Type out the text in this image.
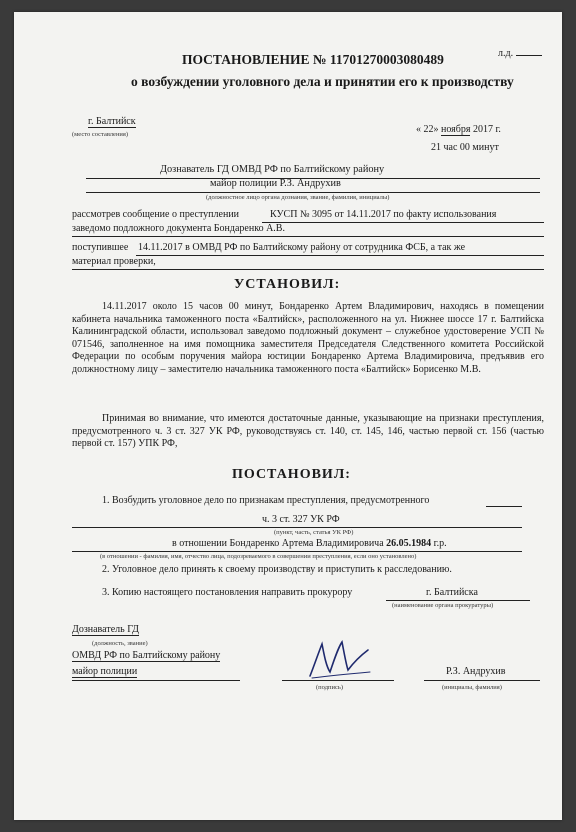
л.д.
ПОСТАНОВЛЕНИЕ № 11701270003080489
о возбуждении уголовного дела и принятии его к производству
г. Балтийск
(место составления)	« 22» ноября 2017 г.
21 час 00 минут
Дознаватель ГД ОМВД РФ по Балтийскому району
майор полиции Р.З. Андрухив
(должностное лицо органа дознания, звание, фамилия, инициалы)
рассмотрев сообщение о преступлении	КУСП № 3095 от 14.11.2017 по факту использования
заведомо подложного документа Бондаренко А.В.
поступившее 14.11.2017 в ОМВД РФ по Балтийскому району от сотрудника ФСБ, а так же
материал проверки,
УСТАНОВИЛ:

14.11.2017 около 15 часов 00 минут, Бондаренко Артем Владимирович, находясь в помещении кабинета начальника таможенного поста «Балтийск», расположенного на ул. Нижнее шоссе 17 г. Балтийска Калининградской области, использовал заведомо подложный документ – служебное удостоверение УСП № 071546, заполненное на имя помощника заместителя Председателя Следственного комитета Российской Федерации по особым поручения майора юстиции Бондаренко Артема Владимировича, предъявив его должностному лицу – заместителю начальника таможенного поста «Балтийск» Борисенко М.В.

Принимая во внимание, что имеются достаточные данные, указывающие на признаки преступления, предусмотренного ч. 3 ст. 327 УК РФ, руководствуясь ст. 140, ст. 145, 146, частью первой ст. 156 (частью первой ст. 157) УПК РФ,

ПОСТАНОВИЛ:
1. Возбудить уголовное дело по признакам преступления, предусмотренного
ч. 3 ст. 327 УК РФ
(пункт, часть, статья УК РФ)
в отношении Бондаренко Артема Владимировича 26.05.1984 г.р.
(в отношении - фамилия, имя, отчество лица, подозреваемого в совершении преступления, если оно установлено)
2. Уголовное дело принять к своему производству и приступить к расследованию.
3. Копию настоящего постановления направить прокурору	г. Балтийска
(наименование органа прокуратуры)
Дознаватель ГД
(должность, звание)
ОМВД РФ по Балтийскому району
майор полиции
(подпись)
Р.З. Андрухив
(инициалы, фамилия)
